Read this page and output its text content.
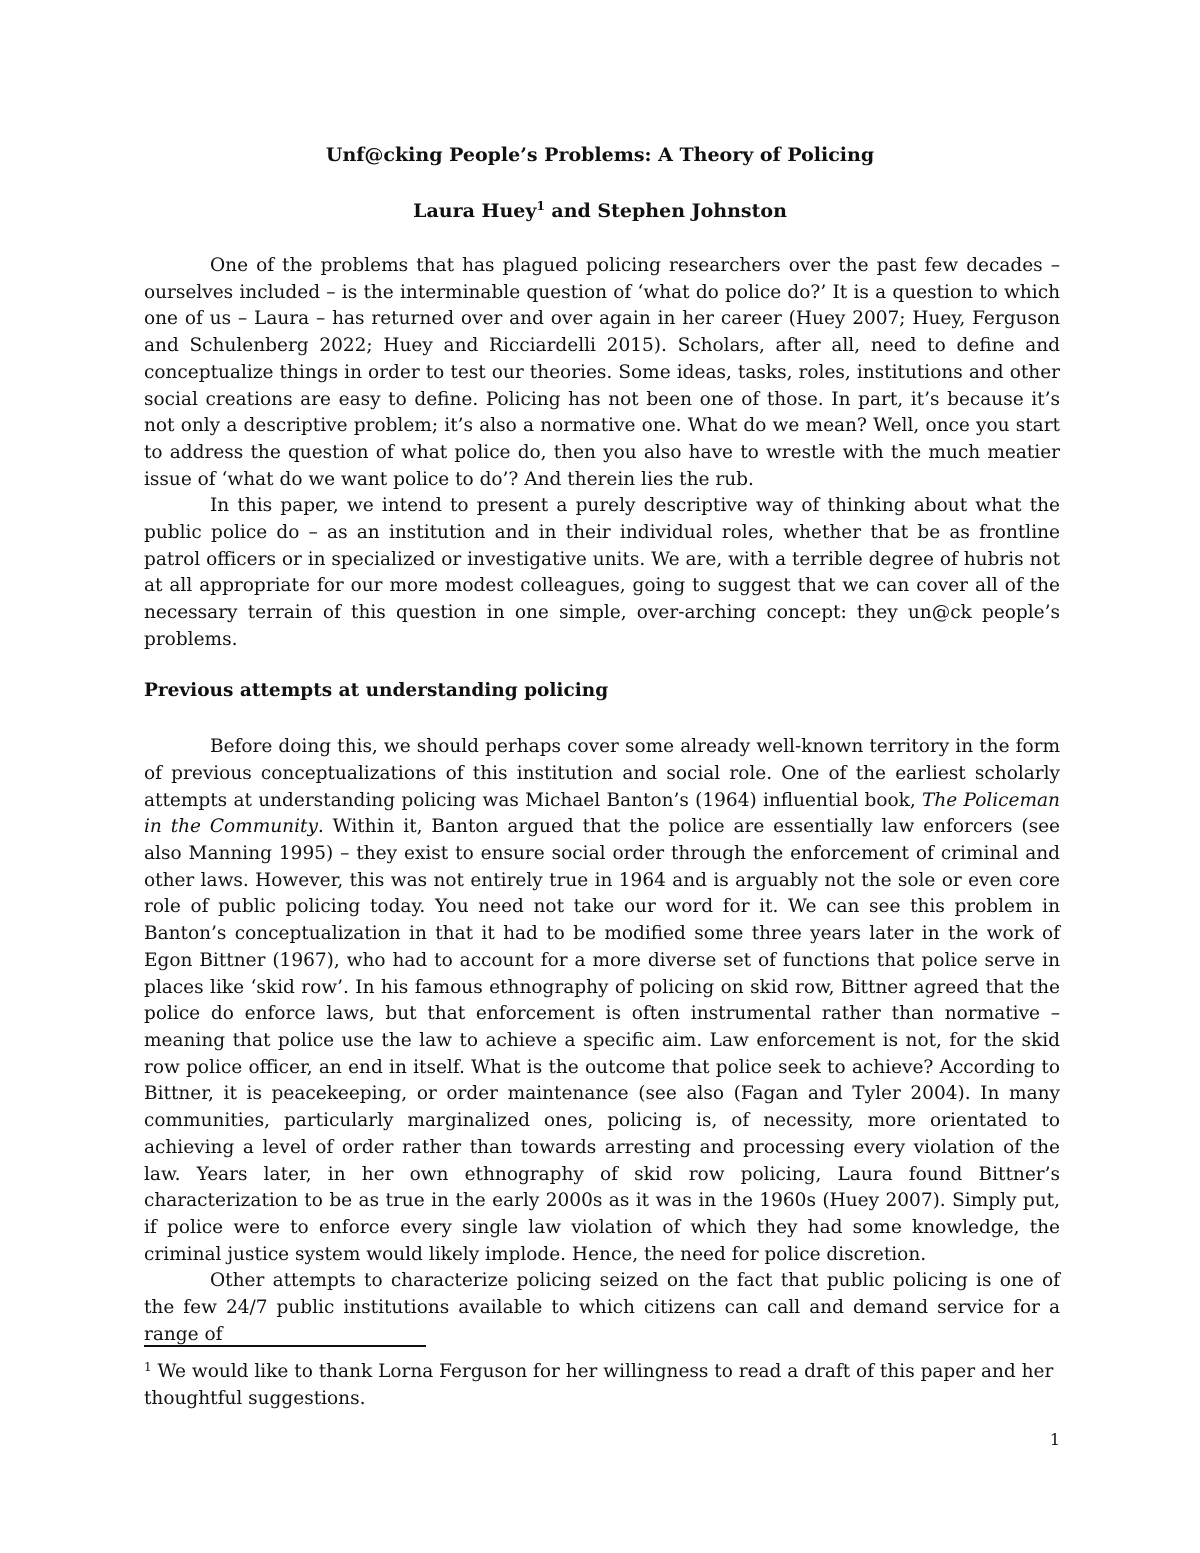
Unf@cking People’s Problems: A Theory of Policing
Laura Huey$^1$ and Stephen Johnston

One of the problems that has plagued policing researchers over the past few decades – ourselves included – is the interminable question of ‘what do police do?’ It is a question to which one of us – Laura – has returned over and over again in her career (Huey 2007; Huey, Ferguson and Schulenberg 2022; Huey and Ricciardelli 2015). Scholars, after all, need to define and conceptualize things in order to test our theories. Some ideas, tasks, roles, institutions and other social creations are easy to define. Policing has not been one of those. In part, it’s because it’s not only a descriptive problem; it’s also a normative one. What do we mean? Well, once you start to address the question of what police do, then you also have to wrestle with the much meatier issue of ‘what do we want police to do’? And therein lies the rub.

In this paper, we intend to present a purely descriptive way of thinking about what the public police do – as an institution and in their individual roles, whether that be as frontline patrol officers or in specialized or investigative units. We are, with a terrible degree of hubris not at all appropriate for our more modest colleagues, going to suggest that we can cover all of the necessary terrain of this question in one simple, over-arching concept: they un@ck people’s problems.

Previous attempts at understanding policing

Before doing this, we should perhaps cover some already well-known territory in the form of previous conceptualizations of this institution and social role. One of the earliest scholarly attempts at understanding policing was Michael Banton’s (1964) influential book, The Policeman in the Community. Within it, Banton argued that the police are essentially law enforcers (see also Manning 1995) – they exist to ensure social order through the enforcement of criminal and other laws. However, this was not entirely true in 1964 and is arguably not the sole or even core role of public policing today. You need not take our word for it. We can see this problem in Banton’s conceptualization in that it had to be modified some three years later in the work of Egon Bittner (1967), who had to account for a more diverse set of functions that police serve in places like ‘skid row’. In his famous ethnography of policing on skid row, Bittner agreed that the police do enforce laws, but that enforcement is often instrumental rather than normative – meaning that police use the law to achieve a specific aim. Law enforcement is not, for the skid row police officer, an end in itself. What is the outcome that police seek to achieve? According to Bittner, it is peacekeeping, or order maintenance (see also (Fagan and Tyler 2004). In many communities, particularly marginalized ones, policing is, of necessity, more orientated to achieving a level of order rather than towards arresting and processing every violation of the law. Years later, in her own ethnography of skid row policing, Laura found Bittner’s characterization to be as true in the early 2000s as it was in the 1960s (Huey 2007). Simply put, if police were to enforce every single law violation of which they had some knowledge, the criminal justice system would likely implode. Hence, the need for police discretion.

Other attempts to characterize policing seized on the fact that public policing is one of the few 24/7 public institutions available to which citizens can call and demand service for a range of

$^1$ We would like to thank Lorna Ferguson for her willingness to read a draft of this paper and her thoughtful suggestions.
1
